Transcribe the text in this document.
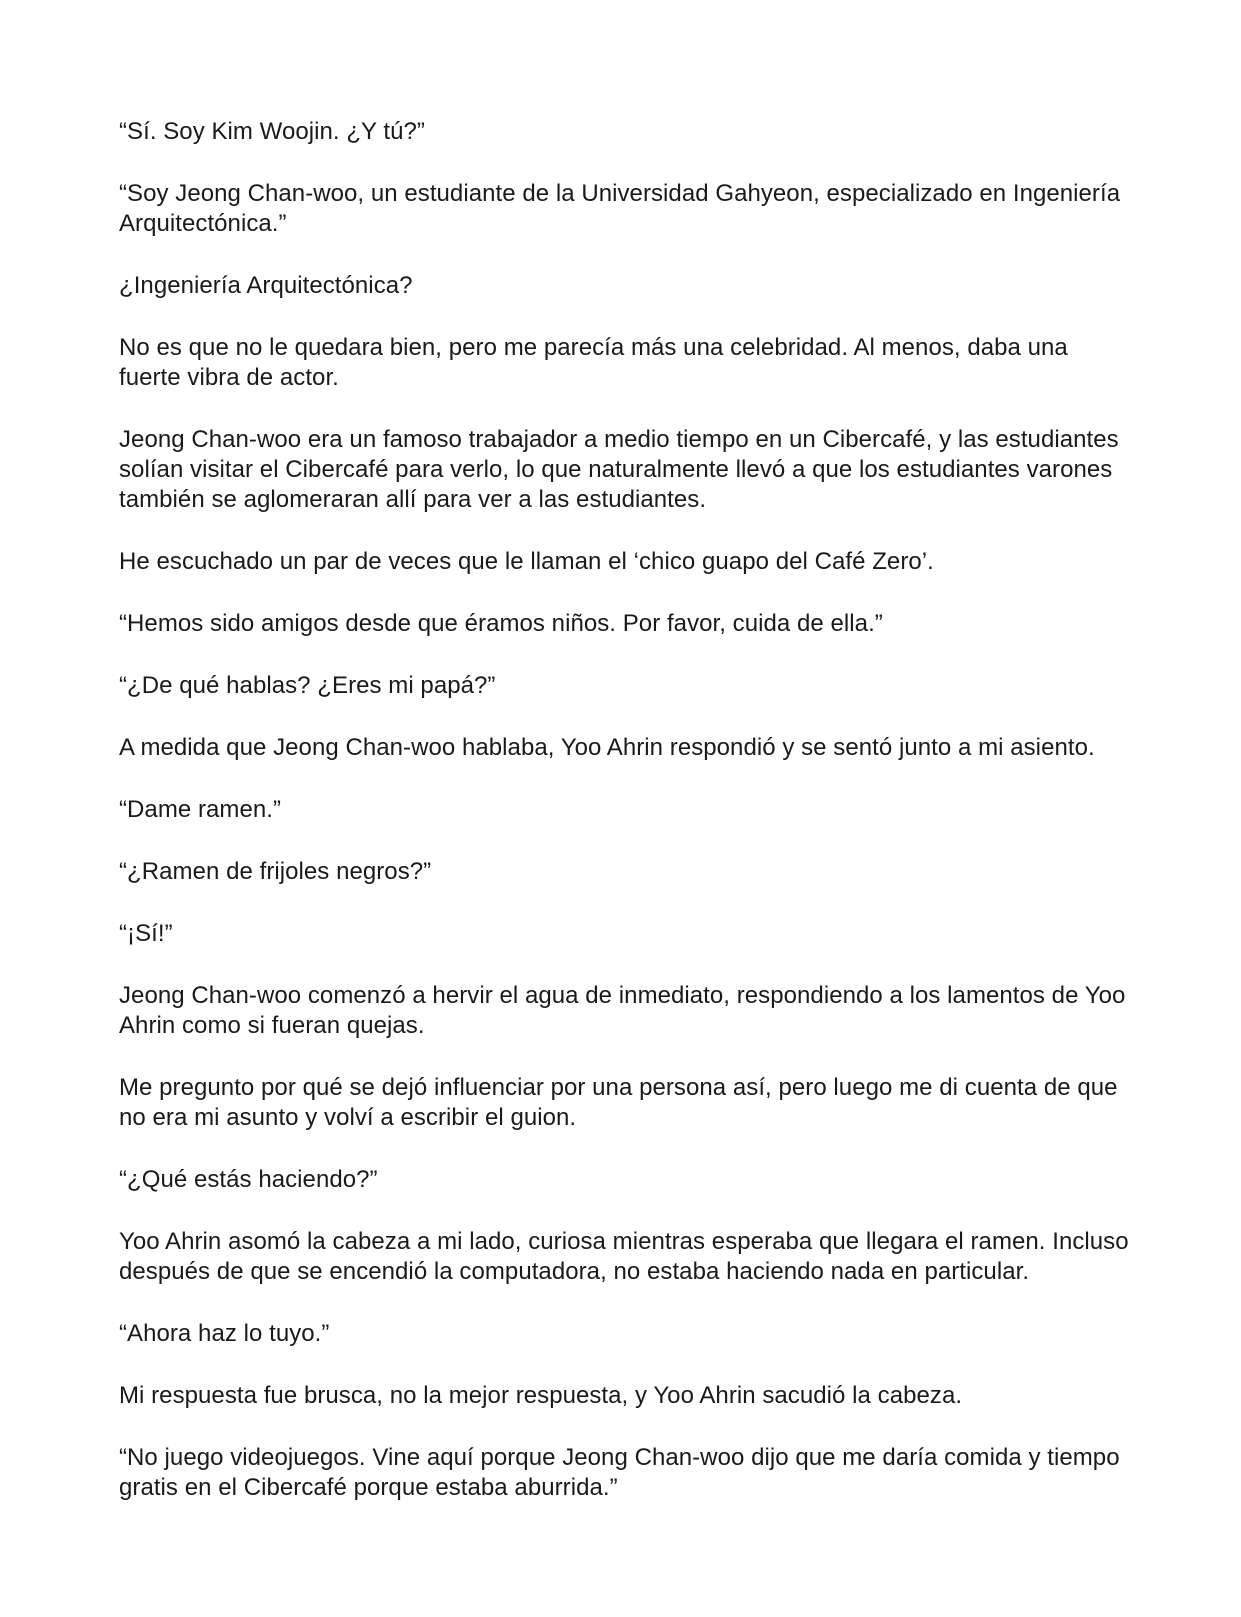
“Sí. Soy Kim Woojin. ¿Y tú?”

“Soy Jeong Chan-woo, un estudiante de la Universidad Gahyeon, especializado en Ingeniería Arquitectónica.”

¿Ingeniería Arquitectónica?

No es que no le quedara bien, pero me parecía más una celebridad. Al menos, daba una fuerte vibra de actor.

Jeong Chan-woo era un famoso trabajador a medio tiempo en un Cibercafé, y las estudiantes solían visitar el Cibercafé para verlo, lo que naturalmente llevó a que los estudiantes varones también se aglomeraran allí para ver a las estudiantes.

He escuchado un par de veces que le llaman el ‘chico guapo del Café Zero’.

“Hemos sido amigos desde que éramos niños. Por favor, cuida de ella.”

“¿De qué hablas? ¿Eres mi papá?”

A medida que Jeong Chan-woo hablaba, Yoo Ahrin respondió y se sentó junto a mi asiento.

“Dame ramen.”

“¿Ramen de frijoles negros?”

“¡Sí!”

Jeong Chan-woo comenzó a hervir el agua de inmediato, respondiendo a los lamentos de Yoo Ahrin como si fueran quejas.

Me pregunto por qué se dejó influenciar por una persona así, pero luego me di cuenta de que no era mi asunto y volví a escribir el guion.

“¿Qué estás haciendo?”

Yoo Ahrin asomó la cabeza a mi lado, curiosa mientras esperaba que llegara el ramen. Incluso después de que se encendió la computadora, no estaba haciendo nada en particular.

“Ahora haz lo tuyo.”

Mi respuesta fue brusca, no la mejor respuesta, y Yoo Ahrin sacudió la cabeza.

“No juego videojuegos. Vine aquí porque Jeong Chan-woo dijo que me daría comida y tiempo gratis en el Cibercafé porque estaba aburrida.”
